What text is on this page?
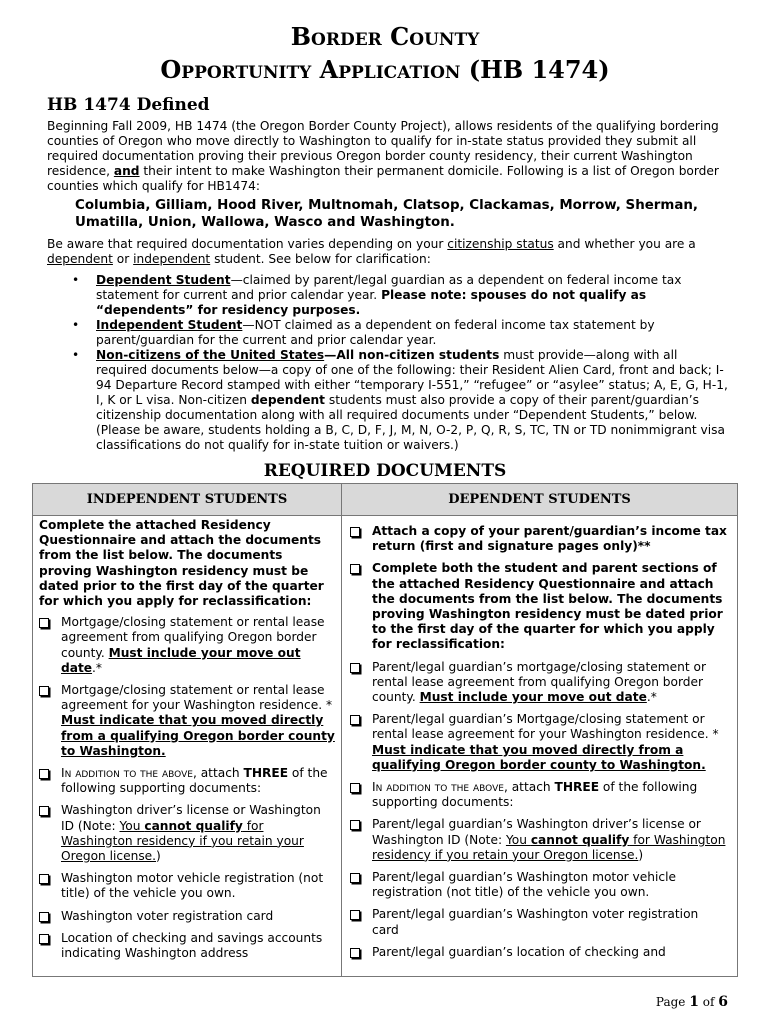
Border County
Opportunity Application (HB 1474)
HB 1474 Defined
Beginning Fall 2009, HB 1474 (the Oregon Border County Project), allows residents of the qualifying bordering counties of Oregon who move directly to Washington to qualify for in-state status provided they submit all required documentation proving their previous Oregon border county residency, their current Washington residence, and their intent to make Washington their permanent domicile. Following is a list of Oregon border counties which qualify for HB1474:
Columbia, Gilliam, Hood River, Multnomah, Clatsop, Clackamas, Morrow, Sherman, Umatilla, Union, Wallowa, Wasco and Washington.
Be aware that required documentation varies depending on your citizenship status and whether you are a dependent or independent student. See below for clarification:
• Dependent Student—claimed by parent/legal guardian as a dependent on federal income tax statement for current and prior calendar year. Please note: spouses do not qualify as “dependents” for residency purposes.
• Independent Student—NOT claimed as a dependent on federal income tax statement by parent/guardian for the current and prior calendar year.
• Non-citizens of the United States—All non-citizen students must provide—along with all required documents below—a copy of one of the following: their Resident Alien Card, front and back; I-94 Departure Record stamped with either “temporary I-551,” “refugee” or “asylee” status; A, E, G, H-1, I, K or L visa. Non-citizen dependent students must also provide a copy of their parent/guardian’s citizenship documentation along with all required documents under “Dependent Students,” below. (Please be aware, students holding a B, C, D, F, J, M, N, O-2, P, Q, R, S, TC, TN or TD nonimmigrant visa classifications do not qualify for in-state tuition or waivers.)
REQUIRED DOCUMENTS
INDEPENDENT STUDENTS	DEPENDENT STUDENTS
Complete the attached Residency Questionnaire and attach the documents from the list below. The documents proving Washington residency must be dated prior to the first day of the quarter for which you apply for reclassification:
Mortgage/closing statement or rental lease agreement from qualifying Oregon border county. Must include your move out date.*
Mortgage/closing statement or rental lease agreement for your Washington residence. * Must indicate that you moved directly from a qualifying Oregon border county to Washington.
In addition to the above, attach THREE of the following supporting documents:
Washington driver’s license or Washington ID (Note: You cannot qualify for Washington residency if you retain your Oregon license.)
Washington motor vehicle registration (not title) of the vehicle you own.
Washington voter registration card
Location of checking and savings accounts indicating Washington address
Attach a copy of your parent/guardian’s income tax return (first and signature pages only)**
Complete both the student and parent sections of the attached Residency Questionnaire and attach the documents from the list below. The documents proving Washington residency must be dated prior to the first day of the quarter for which you apply for reclassification:
Parent/legal guardian’s mortgage/closing statement or rental lease agreement from qualifying Oregon border county. Must include your move out date.*
Parent/legal guardian’s Mortgage/closing statement or rental lease agreement for your Washington residence. * Must indicate that you moved directly from a qualifying Oregon border county to Washington.
In addition to the above, attach THREE of the following supporting documents:
Parent/legal guardian’s Washington driver’s license or Washington ID (Note: You cannot qualify for Washington residency if you retain your Oregon license.)
Parent/legal guardian’s Washington motor vehicle registration (not title) of the vehicle you own.
Parent/legal guardian’s Washington voter registration card
Parent/legal guardian’s location of checking and
Page 1 of 6
